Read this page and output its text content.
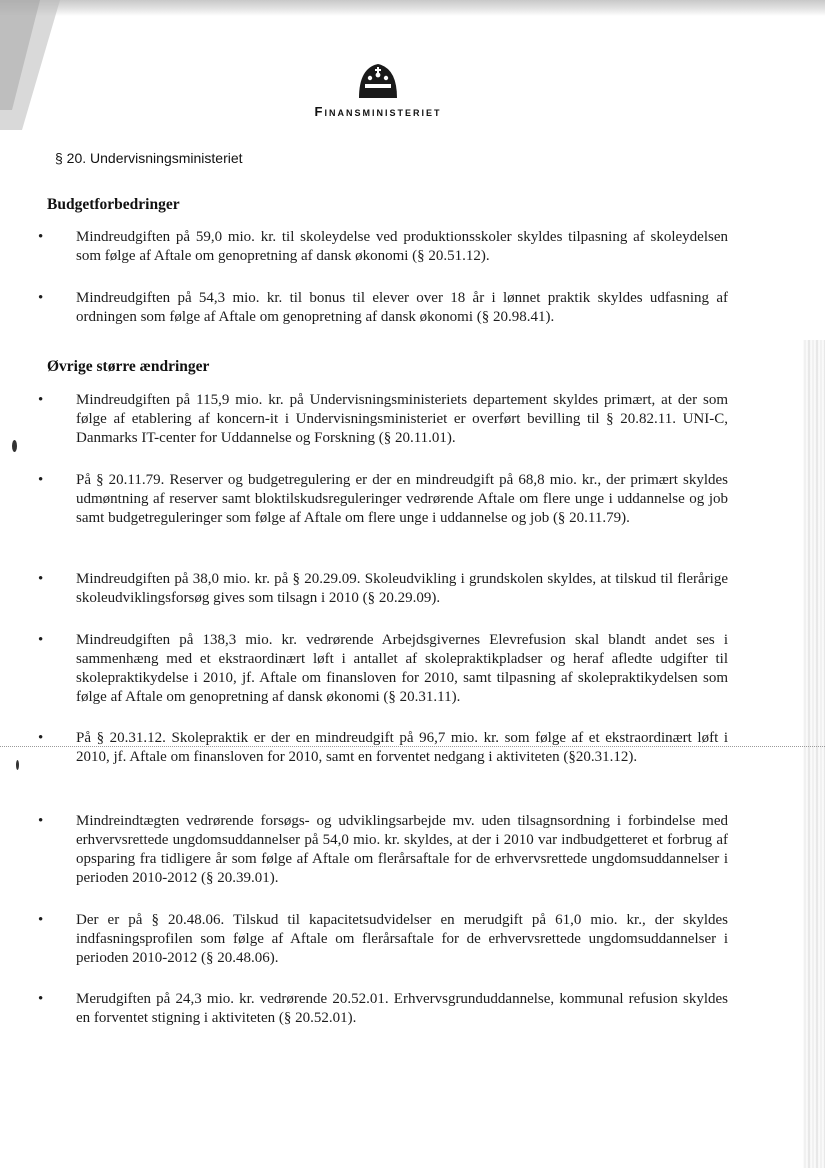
Finansministeriet
§ 20. Undervisningsministeriet
Budgetforbedringer
• Mindreudgiften på 59,0 mio. kr. til skoleydelse ved produktionsskoler skyldes tilpasning af skoleydelsen som følge af Aftale om genopretning af dansk økonomi (§ 20.51.12).
• Mindreudgiften på 54,3 mio. kr. til bonus til elever over 18 år i lønnet praktik skyldes udfasning af ordningen som følge af Aftale om genopretning af dansk økonomi (§ 20.98.41).
Øvrige større ændringer
• Mindreudgiften på 115,9 mio. kr. på Undervisningsministeriets departement skyldes primært, at der som følge af etablering af koncern-it i Undervisningsministeriet er overført bevilling til § 20.82.11. UNI-C, Danmarks IT-center for Uddannelse og Forskning (§ 20.11.01).
• På § 20.11.79. Reserver og budgetregulering er der en mindreudgift på 68,8 mio. kr., der primært skyldes udmøntning af reserver samt bloktilskudsreguleringer vedrørende Aftale om flere unge i uddannelse og job samt budgetreguleringer som følge af Aftale om flere unge i uddannelse og job (§ 20.11.79).
• Mindreudgiften på 38,0 mio. kr. på § 20.29.09. Skoleudvikling i grundskolen skyldes, at tilskud til flerårige skoleudviklingsforsøg gives som tilsagn i 2010 (§ 20.29.09).
• Mindreudgiften på 138,3 mio. kr. vedrørende Arbejdsgivernes Elevrefusion skal blandt andet ses i sammenhæng med et ekstraordinært løft i antallet af skolepraktikpladser og heraf afledte udgifter til skolepraktikydelse i 2010, jf. Aftale om finansloven for 2010, samt tilpasning af skolepraktikydelsen som følge af Aftale om genopretning af dansk økonomi (§ 20.31.11).
• På § 20.31.12. Skolepraktik er der en mindreudgift på 96,7 mio. kr. som følge af et ekstraordinært løft i 2010, jf. Aftale om finansloven for 2010, samt en forventet nedgang i aktiviteten (§20.31.12).
• Mindreindtægten vedrørende forsøgs- og udviklingsarbejde mv. uden tilsagnsordning i forbindelse med erhvervsrettede ungdomsuddannelser på 54,0 mio. kr. skyldes, at der i 2010 var indbudgetteret et forbrug af opsparing fra tidligere år som følge af Aftale om flerårsaftale for de erhvervsrettede ungdomsuddannelser i perioden 2010-2012 (§ 20.39.01).
• Der er på § 20.48.06. Tilskud til kapacitetsudvidelser en merudgift på 61,0 mio. kr., der skyldes indfasningsprofilen som følge af Aftale om flerårsaftale for de erhvervsrettede ungdomsuddannelser i perioden 2010-2012 (§ 20.48.06).
• Merudgiften på 24,3 mio. kr. vedrørende 20.52.01. Erhvervsgrunduddannelse, kommunal refusion skyldes en forventet stigning i aktiviteten (§ 20.52.01).
